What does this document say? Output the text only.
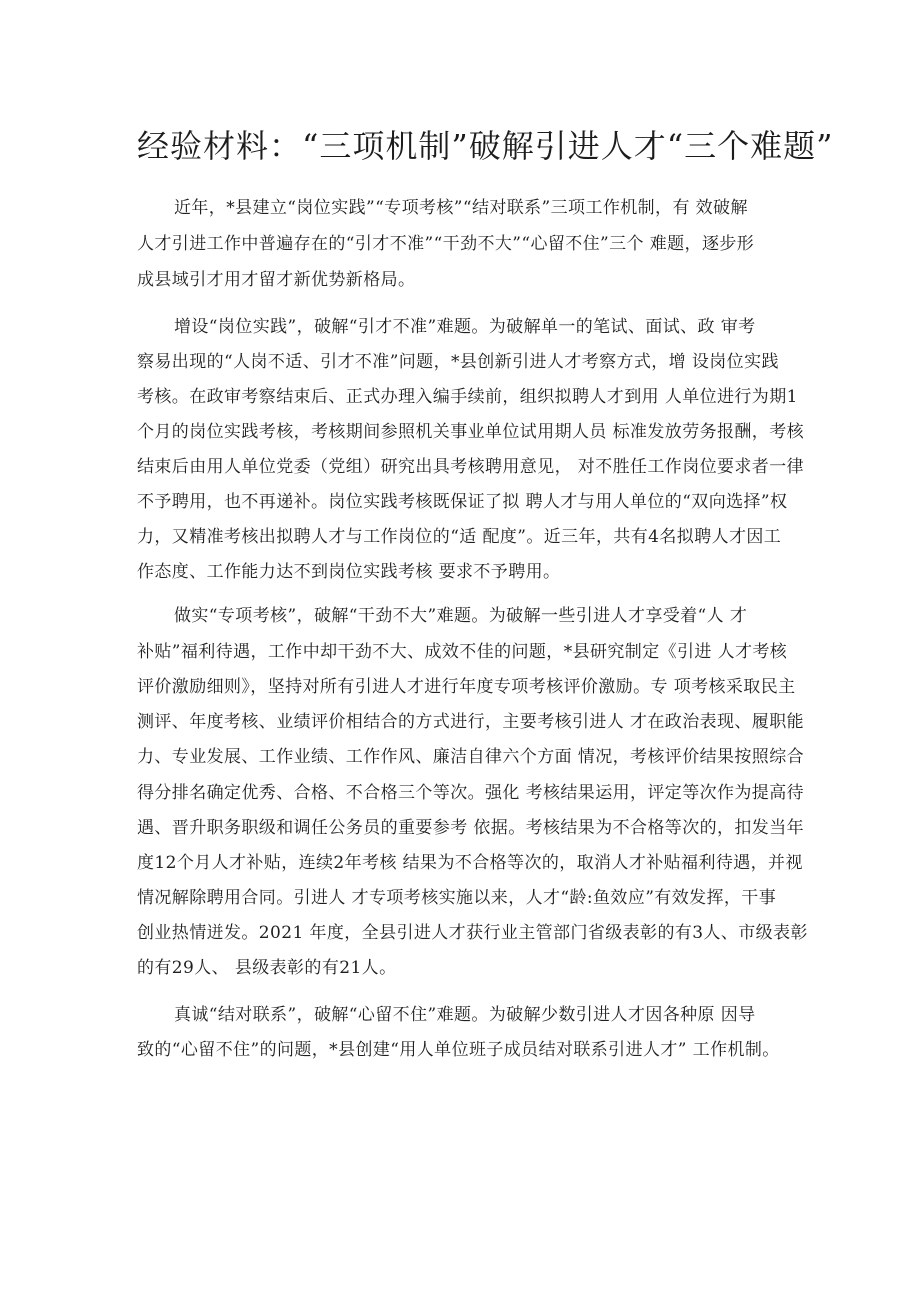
经验材料：“三项机制”破解引进人才“三个难题”
近年，*县建立“岗位实践”“专项考核”“结对联系”三项工作机制，有 效破解
人才引进工作中普遍存在的“引才不准”“干劲不大”“心留不住”三个 难题，逐步形
成县域引才用才留才新优势新格局。
增设“岗位实践”，破解“引才不准”难题。为破解单一的笔试、面试、政 审考
察易出现的“人岗不适、引才不准”问题，*县创新引进人才考察方式，增 设岗位实践
考核。在政审考察结束后、正式办理入编手续前，组织拟聘人才到用 人单位进行为期1
个月的岗位实践考核，考核期间参照机关事业单位试用期人员 标准发放劳务报酬，考核
结束后由用人单位党委（党组）研究出具考核聘用意见， 对不胜任工作岗位要求者一律
不予聘用，也不再递补。岗位实践考核既保证了拟 聘人才与用人单位的“双向选择”权
力，又精准考核出拟聘人才与工作岗位的“适 配度”。近三年，共有4名拟聘人才因工
作态度、工作能力达不到岗位实践考核 要求不予聘用。
做实“专项考核”，破解“干劲不大”难题。为破解一些引进人才享受着“人 才
补贴”福利待遇，工作中却干劲不大、成效不佳的问题，*县研究制定《引进 人才考核
评价激励细则》，坚持对所有引进人才进行年度专项考核评价激励。专 项考核采取民主
测评、年度考核、业绩评价相结合的方式进行，主要考核引进人 才在政治表现、履职能
力、专业发展、工作业绩、工作作风、廉洁自律六个方面 情况，考核评价结果按照综合
得分排名确定优秀、合格、不合格三个等次。强化 考核结果运用，评定等次作为提高待
遇、晋升职务职级和调任公务员的重要参考 依据。考核结果为不合格等次的，扣发当年
度12个月人才补贴，连续2年考核 结果为不合格等次的，取消人才补贴福利待遇，并视
情况解除聘用合同。引进人 才专项考核实施以来，人才“龄:鱼效应”有效发挥，干事
创业热情迸发。2021 年度，全县引进人才获行业主管部门省级表彰的有3人、市级表彰
的有29人、 县级表彰的有21人。
真诚“结对联系”，破解“心留不住”难题。为破解少数引进人才因各种原 因导
致的“心留不住”的问题，*县创建“用人单位班子成员结对联系引进人才” 工作机制。
